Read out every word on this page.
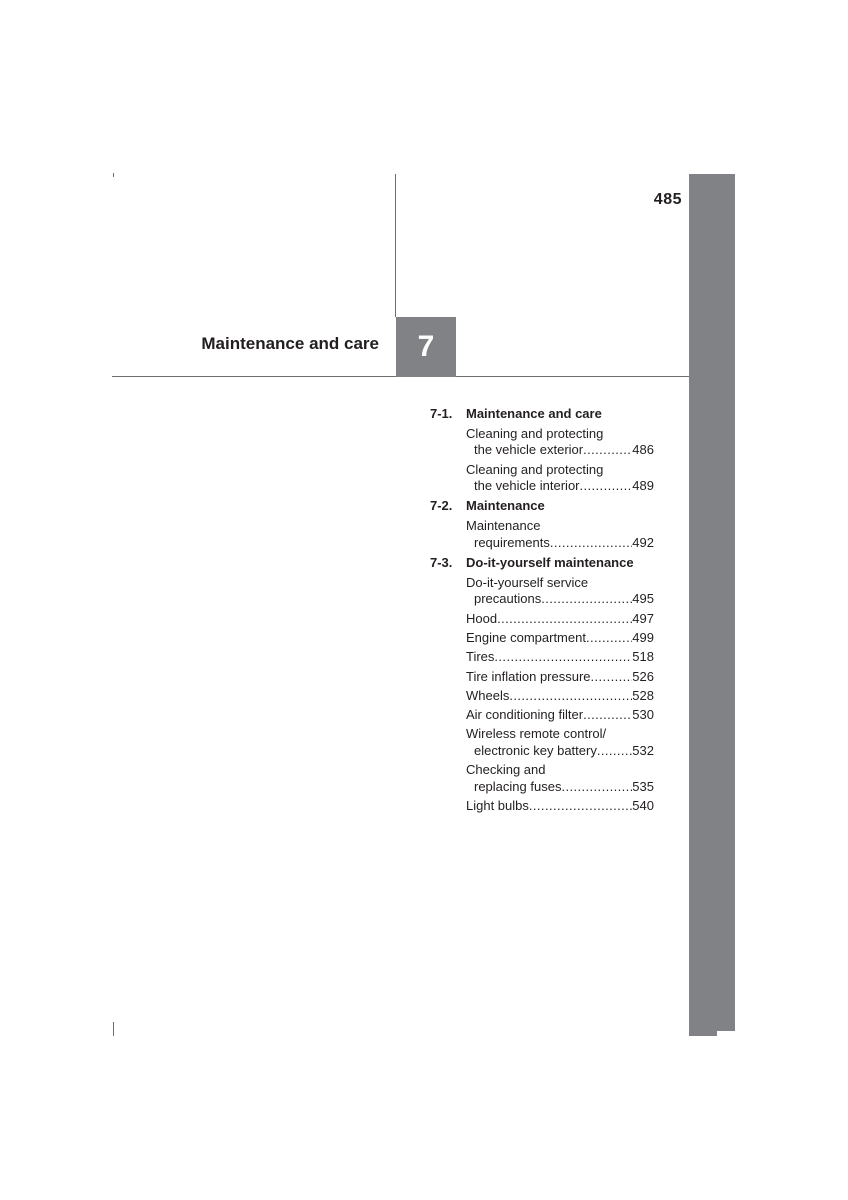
485
Maintenance and care	7
7-1.	Maintenance and care
Cleaning and protecting
the vehicle exterior .....	486
Cleaning and protecting
the vehicle interior .....	489
7-2.	Maintenance
Maintenance
requirements .....	492
7-3.	Do-it-yourself maintenance
Do-it-yourself service
precautions .....	495
Hood .....	497
Engine compartment .....	499
Tires .....	518
Tire inflation pressure .....	526
Wheels .....	528
Air conditioning filter .....	530
Wireless remote control/
electronic key battery .....	532
Checking and
replacing fuses .....	535
Light bulbs .....	540
